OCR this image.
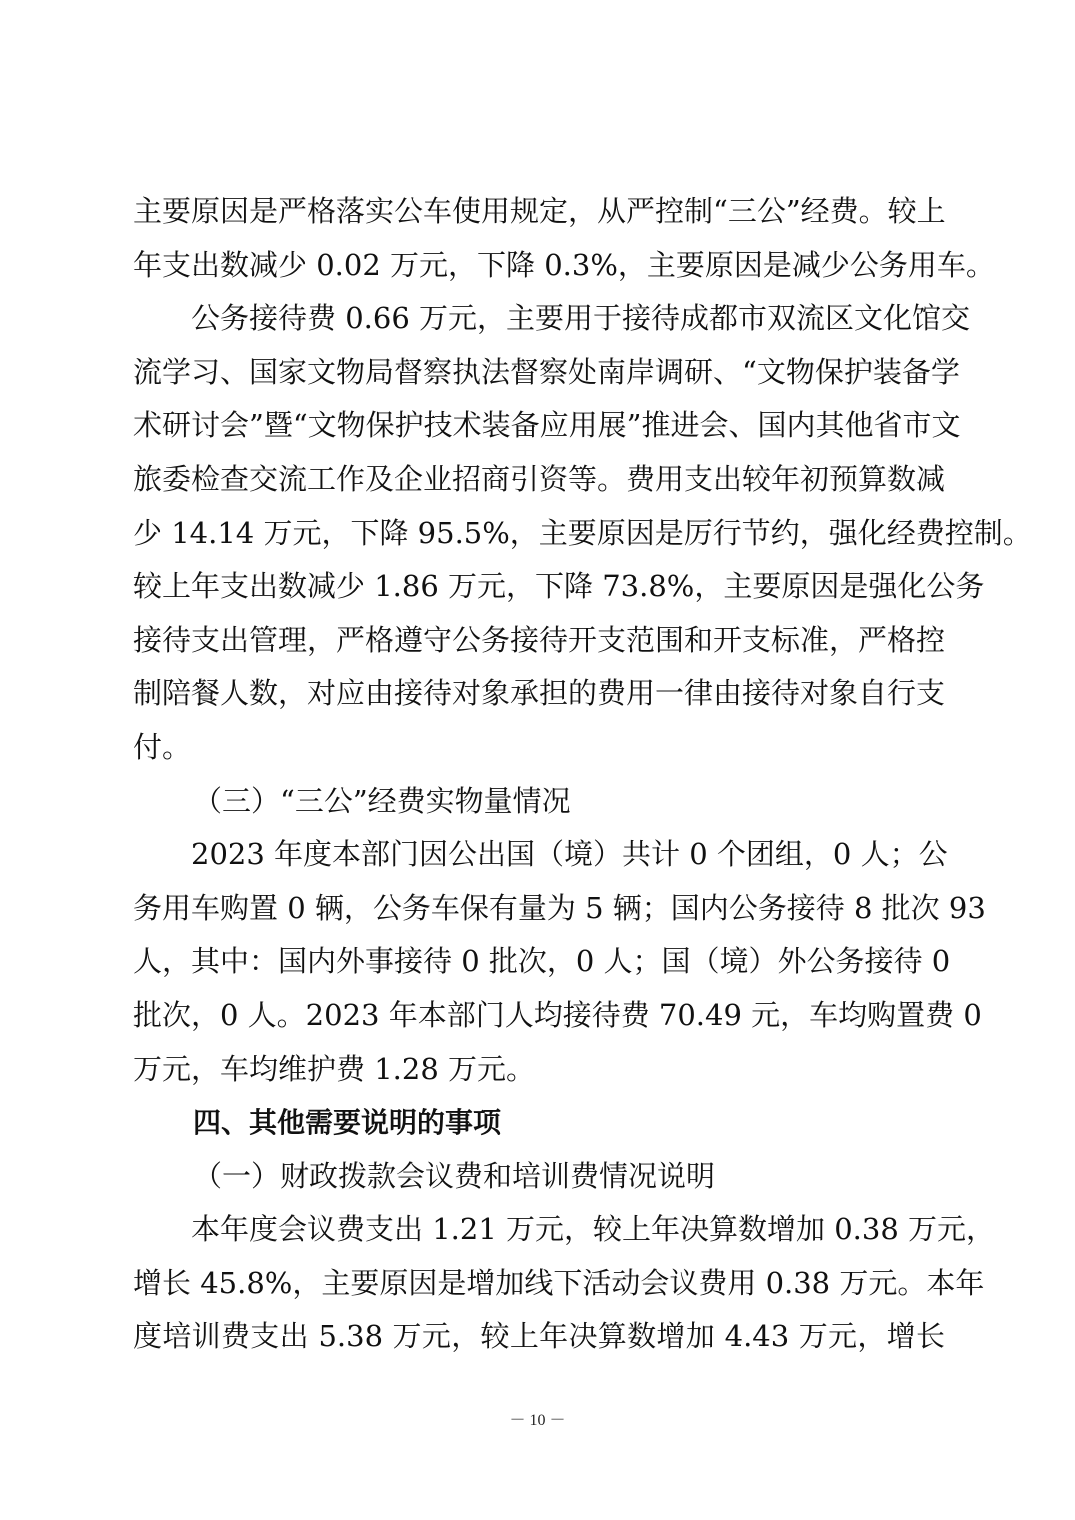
主要原因是严格落实公车使用规定，从严控制“三公”经费。较上
年支出数减少 0.02 万元，下降 0.3%，主要原因是减少公务用车。
公务接待费 0.66 万元，主要用于接待成都市双流区文化馆交
流学习、国家文物局督察执法督察处南岸调研、“文物保护装备学
术研讨会”暨“文物保护技术装备应用展”推进会、国内其他省市文
旅委检查交流工作及企业招商引资等。费用支出较年初预算数减
少 14.14 万元，下降 95.5%，主要原因是厉行节约，强化经费控制。
较上年支出数减少 1.86 万元，下降 73.8%，主要原因是强化公务
接待支出管理，严格遵守公务接待开支范围和开支标准，严格控
制陪餐人数，对应由接待对象承担的费用一律由接待对象自行支
付。
（三）“三公”经费实物量情况
2023 年度本部门因公出国（境）共计 0 个团组，0 人；公
务用车购置 0 辆，公务车保有量为 5 辆；国内公务接待 8 批次 93
人，其中：国内外事接待 0 批次，0 人；国（境）外公务接待 0
批次，0 人。2023 年本部门人均接待费 70.49 元，车均购置费 0
万元，车均维护费 1.28 万元。
四、其他需要说明的事项
（一）财政拨款会议费和培训费情况说明
本年度会议费支出 1.21 万元，较上年决算数增加 0.38 万元，
增长 45.8%，主要原因是增加线下活动会议费用 0.38 万元。本年
度培训费支出 5.38 万元，较上年决算数增加 4.43 万元，增长
－ 10 －
